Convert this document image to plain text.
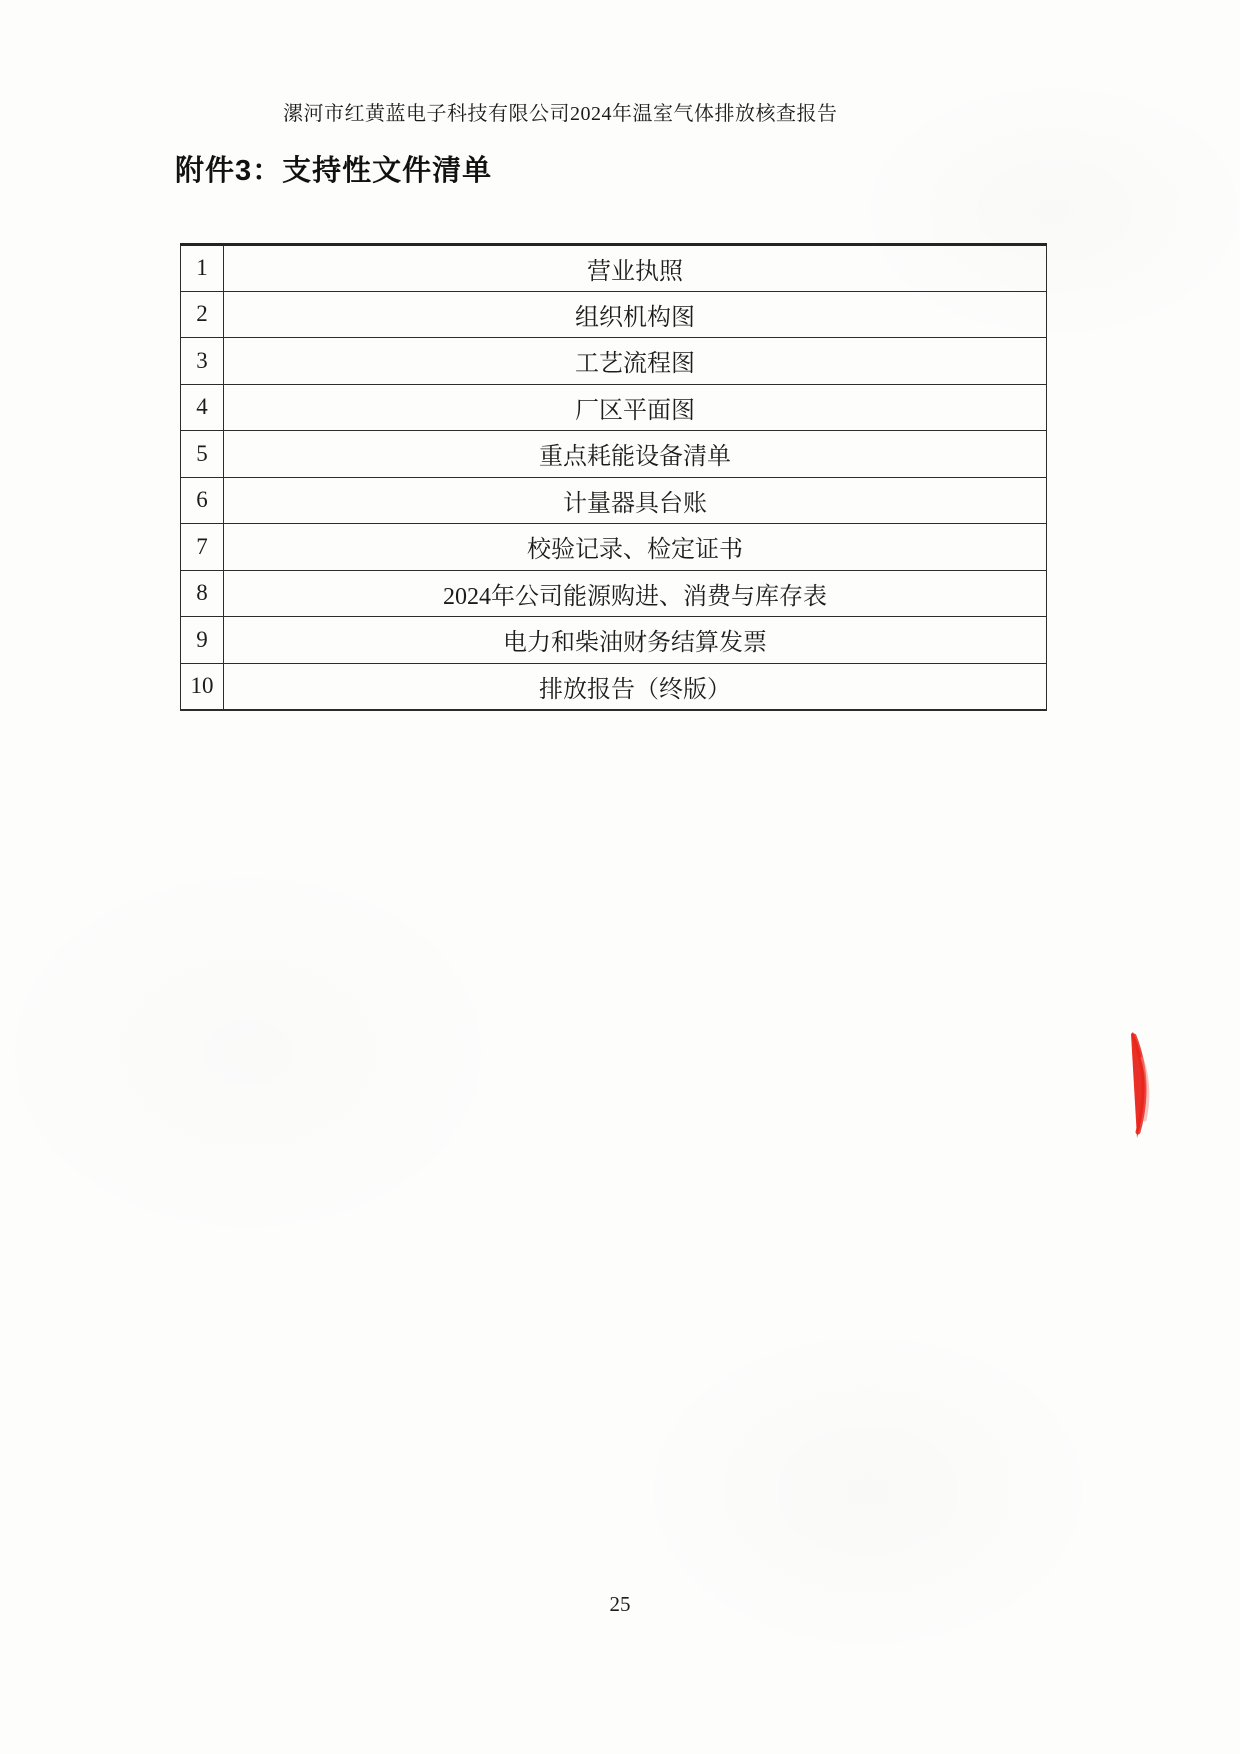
漯河市红黄蓝电子科技有限公司2024年温室气体排放核查报告
附件3：支持性文件清单
1	营业执照
2	组织机构图
3	工艺流程图
4	厂区平面图
5	重点耗能设备清单
6	计量器具台账
7	校验记录、检定证书
8	2024年公司能源购进、消费与库存表
9	电力和柴油财务结算发票
10	排放报告（终版）
25
